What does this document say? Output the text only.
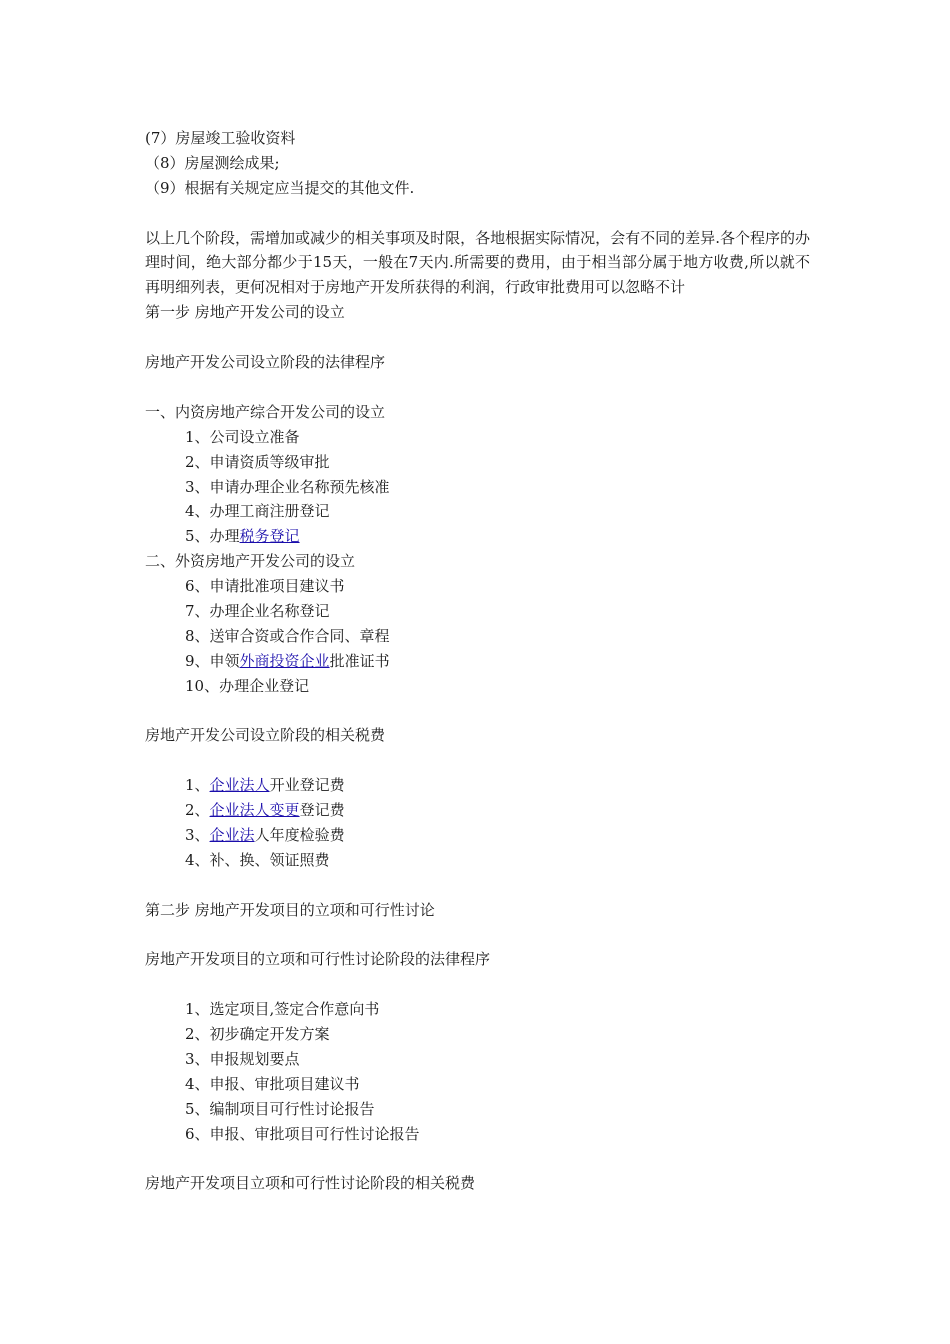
(7）房屋竣工验收资料
（8）房屋测绘成果;
（9）根据有关规定应当提交的其他文件.
以上几个阶段，需增加或减少的相关事项及时限，各地根据实际情况，会有不同的差异.各个程序的办理时间，绝大部分都少于15天，一般在7天内.所需要的费用，由于相当部分属于地方收费,所以就不再明细列表，更何况相对于房地产开发所获得的利润，行政审批费用可以忽略不计
第一步 房地产开发公司的设立
房地产开发公司设立阶段的法律程序
一、内资房地产综合开发公司的设立
1、公司设立准备
2、申请资质等级审批
3、申请办理企业名称预先核准
4、办理工商注册登记
5、办理税务登记
二、外资房地产开发公司的设立
6、申请批准项目建议书
7、办理企业名称登记
8、送审合资或合作合同、章程
9、申领外商投资企业批准证书
10、办理企业登记
房地产开发公司设立阶段的相关税费
1、企业法人开业登记费
2、企业法人变更登记费
3、企业法人年度检验费
4、补、换、领证照费
第二步 房地产开发项目的立项和可行性讨论
房地产开发项目的立项和可行性讨论阶段的法律程序
1、选定项目,签定合作意向书
2、初步确定开发方案
3、申报规划要点
4、申报、审批项目建议书
5、编制项目可行性讨论报告
6、申报、审批项目可行性讨论报告
房地产开发项目立项和可行性讨论阶段的相关税费
